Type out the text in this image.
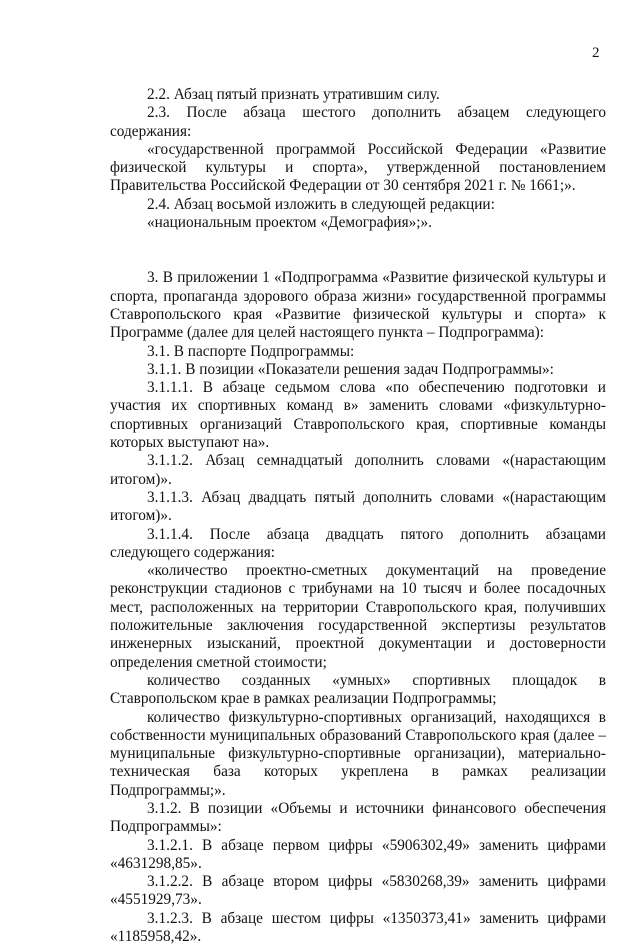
2

2.2. Абзац пятый признать утратившим силу.

2.3. После абзаца шестого дополнить абзацем следующего содержания:

«государственной программой Российской Федерации «Развитие физической культуры и спорта», утвержденной постановлением Правительства Российской Федерации от 30 сентября 2021 г. № 1661;».

2.4. Абзац восьмой изложить в следующей редакции:

«национальным проектом «Демография»;».

3. В приложении 1 «Подпрограмма «Развитие физической культуры и спорта, пропаганда здорового образа жизни» государственной программы Ставропольского края «Развитие физической культуры и спорта» к Программе (далее для целей настоящего пункта – Подпрограмма):

3.1. В паспорте Подпрограммы:

3.1.1. В позиции «Показатели решения задач Подпрограммы»:

3.1.1.1. В абзаце седьмом слова «по обеспечению подготовки и участия их спортивных команд в» заменить словами «физкультурно-спортивных организаций Ставропольского края, спортивные команды которых выступают на».

3.1.1.2. Абзац семнадцатый дополнить словами «(нарастающим итогом)».

3.1.1.3. Абзац двадцать пятый дополнить словами «(нарастающим итогом)».

3.1.1.4. После абзаца двадцать пятого дополнить абзацами следующего содержания:

«количество проектно-сметных документаций на проведение реконструкции стадионов с трибунами на 10 тысяч и более посадочных мест, расположенных на территории Ставропольского края, получивших положительные заключения государственной экспертизы результатов инженерных изысканий, проектной документации и достоверности определения сметной стоимости;

количество созданных «умных» спортивных площадок в Ставропольском крае в рамках реализации Подпрограммы;

количество физкультурно-спортивных организаций, находящихся в собственности муниципальных образований Ставропольского края (далее – муниципальные физкультурно-спортивные организации), материально-техническая база которых укреплена в рамках реализации Подпрограммы;».

3.1.2. В позиции «Объемы и источники финансового обеспечения Подпрограммы»:

3.1.2.1. В абзаце первом цифры «5906302,49» заменить цифрами «4631298,85».

3.1.2.2. В абзаце втором цифры «5830268,39» заменить цифрами «4551929,73».

3.1.2.3. В абзаце шестом цифры «1350373,41» заменить цифрами «1185958,42».
